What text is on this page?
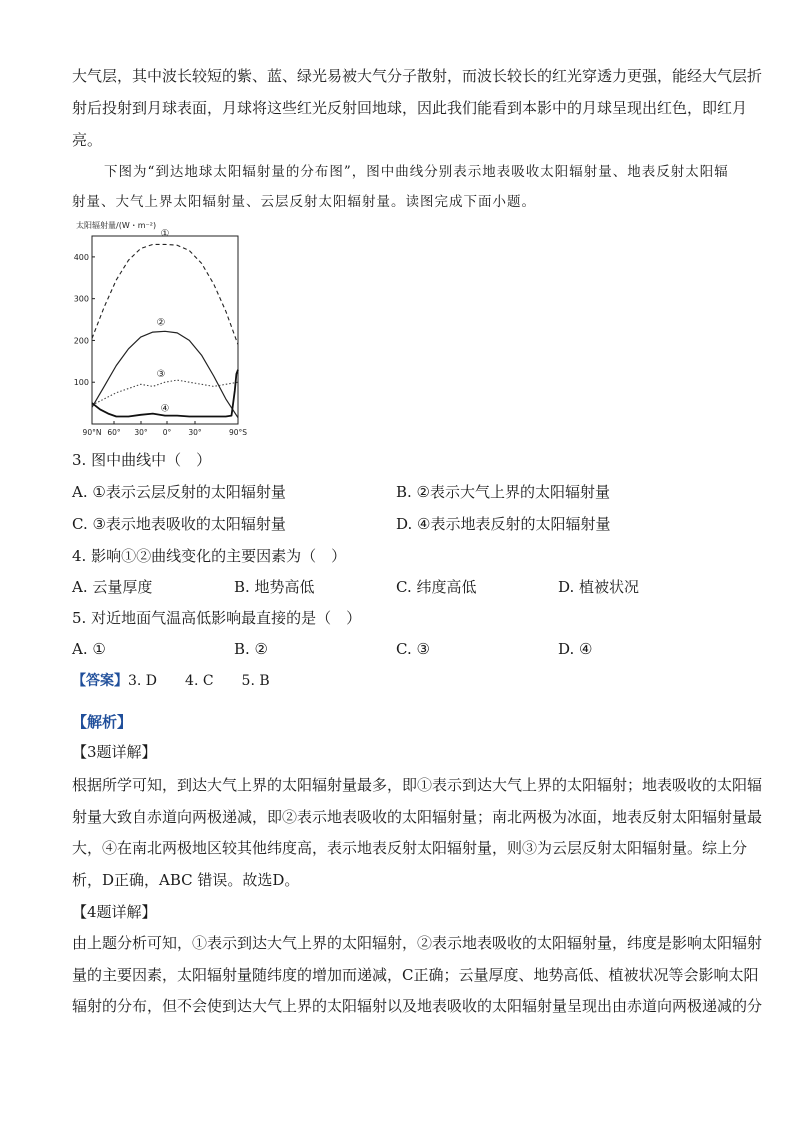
大气层，其中波长较短的紫、蓝、绿光易被大气分子散射，而波长较长的红光穿透力更强，能经大气层折
射后投射到月球表面，月球将这些红光反射回地球，因此我们能看到本影中的月球呈现出红色，即红月
亮。
下图为“到达地球太阳辐射量的分布图”，图中曲线分别表示地表吸收太阳辐射量、地表反射太阳辐
射量、大气上界太阳辐射量、云层反射太阳辐射量。读图完成下面小题。
太阳辐射量/(W・m⁻²)
100
200
300
400
90°N 60° 30° 0° 30°	90°S
①
②
③
④
3. 图中曲线中（　）
A. ①表示云层反射的太阳辐射量	B. ②表示大气上界的太阳辐射量
C. ③表示地表吸收的太阳辐射量	D. ④表示地表反射的太阳辐射量
4. 影响①②曲线变化的主要因素为（　）
A. 云量厚度	B. 地势高低	C. 纬度高低	D. 植被状况
5. 对近地面气温高低影响最直接的是（　）
A. ①	B. ②	C. ③	D. ④
【答案】3. D　　4. C　　5. B
【解析】
【3题详解】
根据所学可知，到达大气上界的太阳辐射量最多，即①表示到达大气上界的太阳辐射；地表吸收的太阳辐
射量大致自赤道向两极递减，即②表示地表吸收的太阳辐射量；南北两极为冰面，地表反射太阳辐射量最
大，④在南北两极地区较其他纬度高，表示地表反射太阳辐射量，则③为云层反射太阳辐射量。综上分
析，D正确，ABC 错误。故选D。
【4题详解】
由上题分析可知，①表示到达大气上界的太阳辐射，②表示地表吸收的太阳辐射量，纬度是影响太阳辐射
量的主要因素，太阳辐射量随纬度的增加而递减，C正确；云量厚度、地势高低、植被状况等会影响太阳
辐射的分布，但不会使到达大气上界的太阳辐射以及地表吸收的太阳辐射量呈现出由赤道向两极递减的分
